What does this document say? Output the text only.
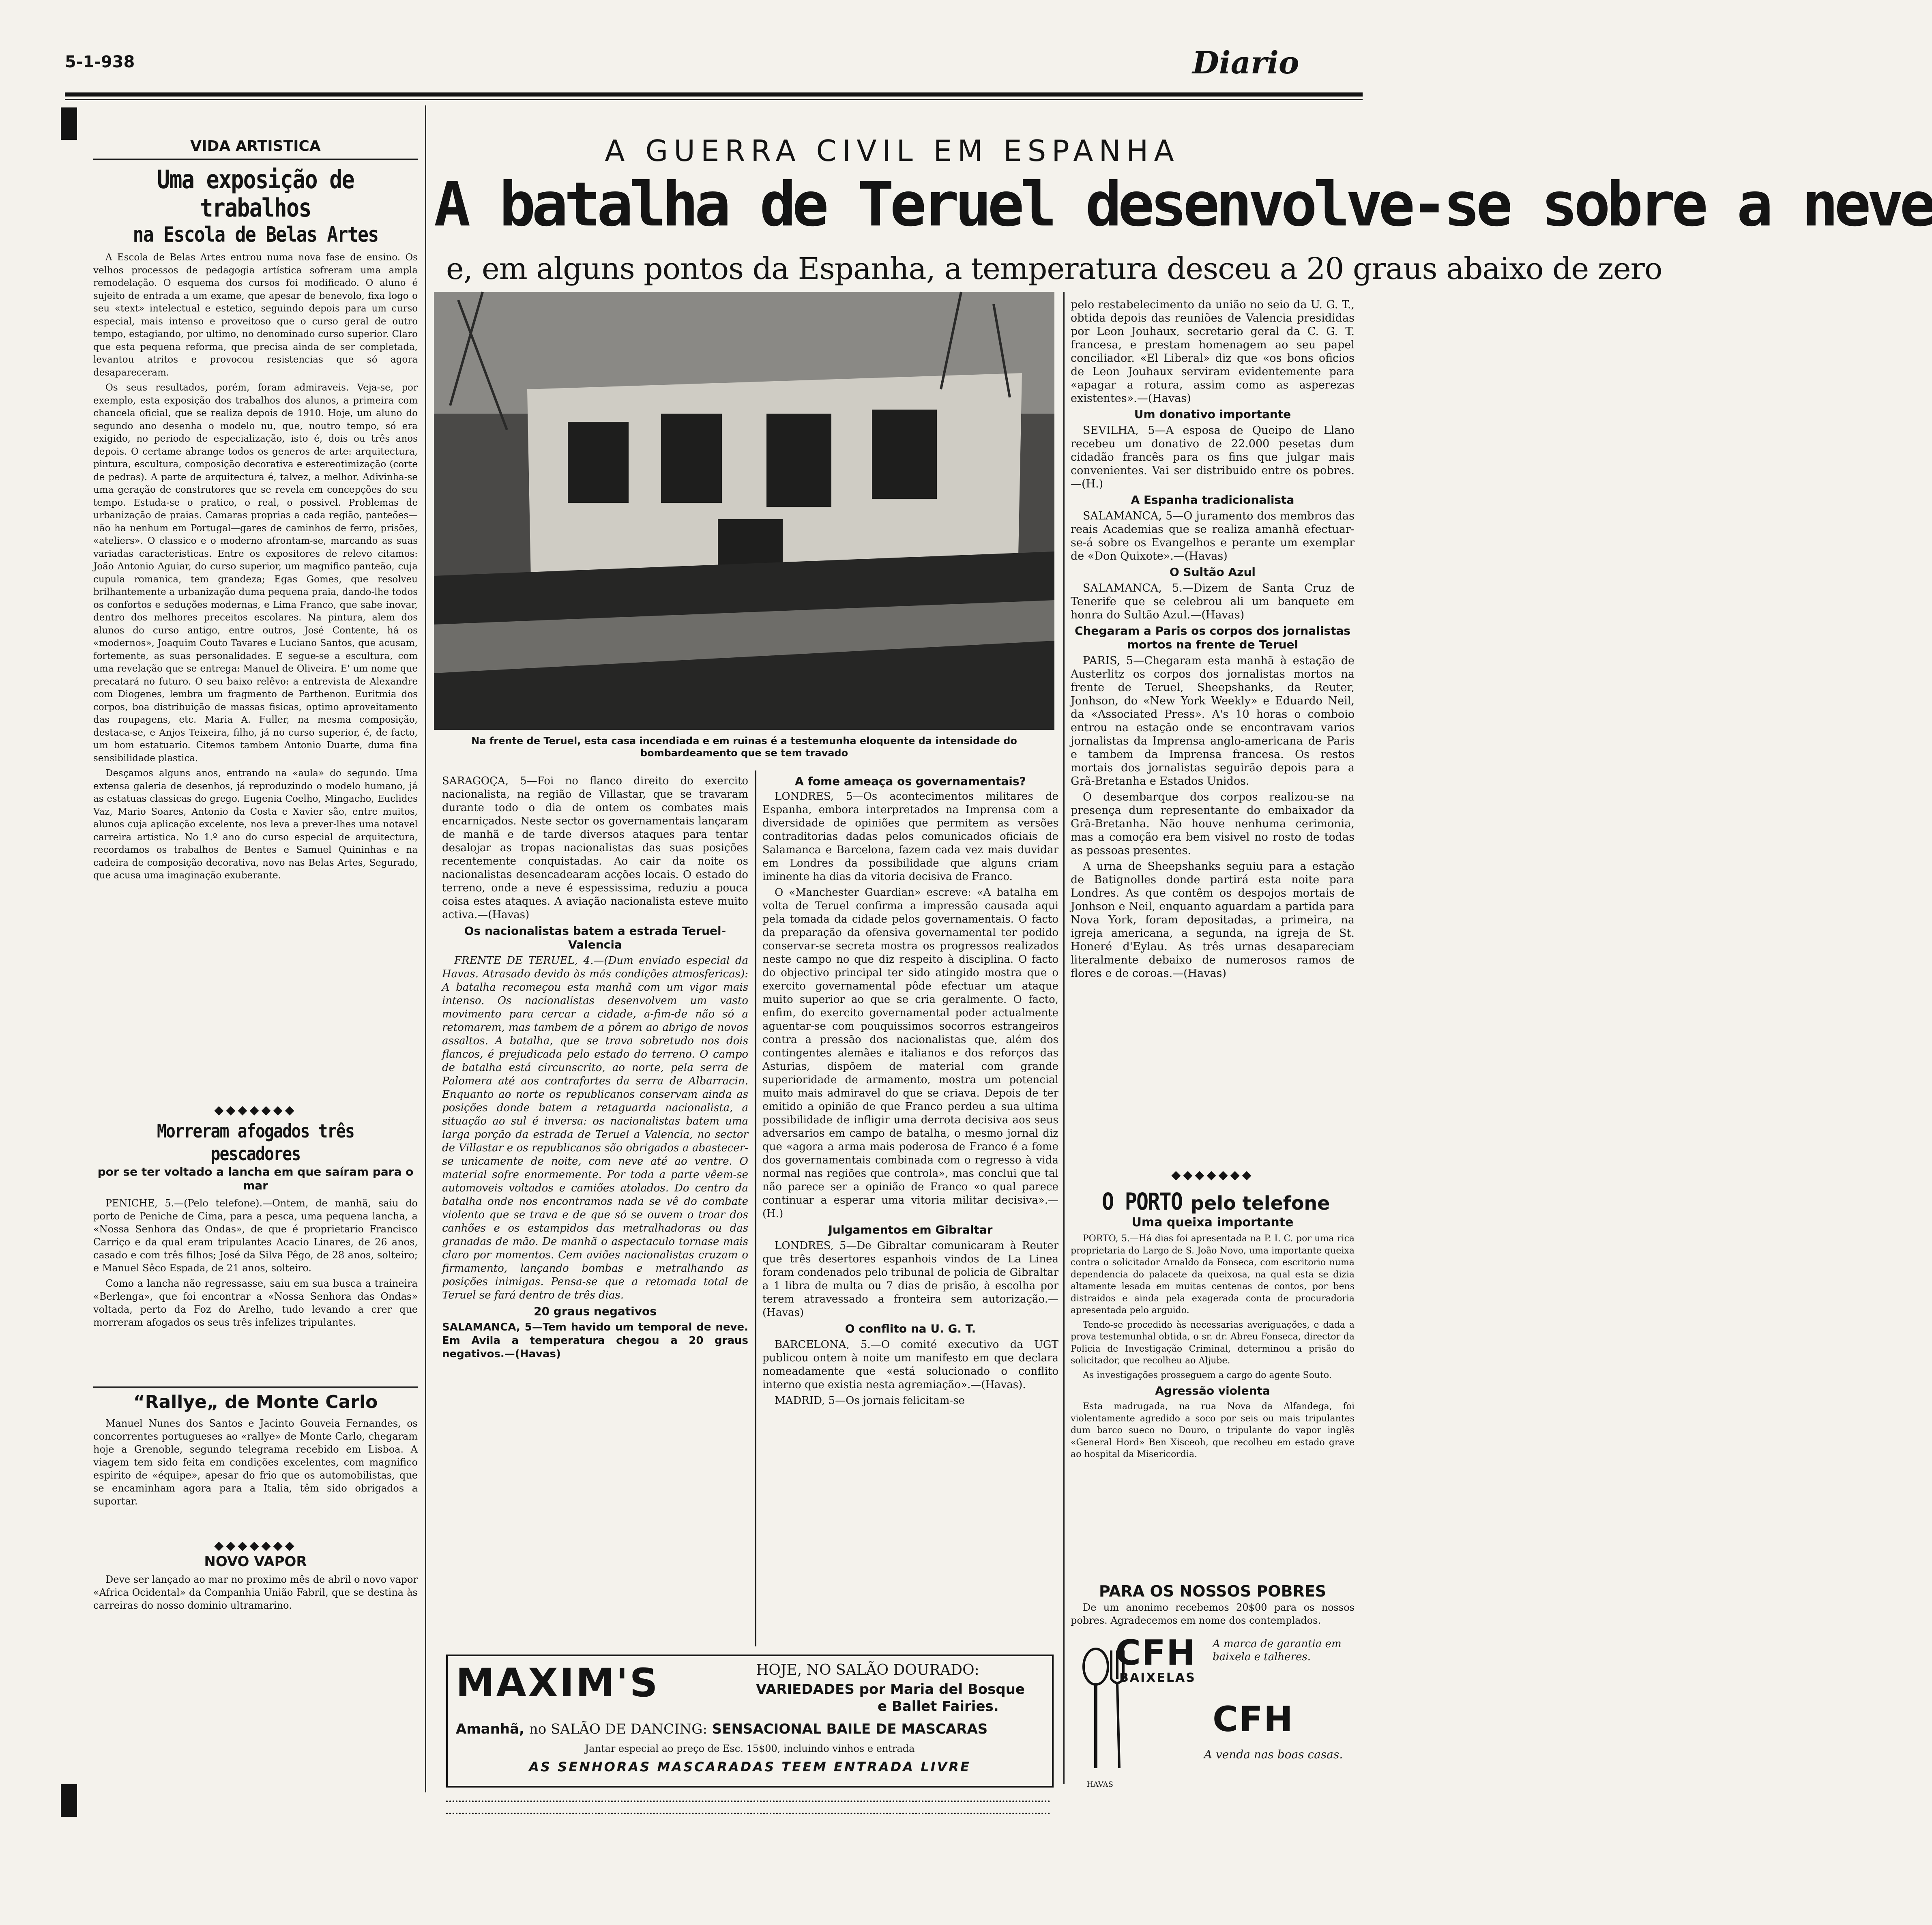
5-1-938	Diario
VIDA ARTISTICA
Uma exposição de trabalhos
na Escola de Belas Artes

A Escola de Belas Artes entrou numa nova fase de ensino. Os velhos processos de pedagogia artística sofreram uma ampla remodelação. O esquema dos cursos foi modificado. O aluno é sujeito de entrada a um exame, que apesar de benevolo, fixa logo o seu «text» intelectual e estetico, seguindo depois para um curso especial, mais intenso e proveitoso que o curso geral de outro tempo, estagiando, por ultimo, no denominado curso superior. Claro que esta pequena reforma, que precisa ainda de ser completada, levantou atritos e provocou resistencias que só agora desapareceram.

Os seus resultados, porém, foram admiraveis. Veja-se, por exemplo, esta exposição dos trabalhos dos alunos, a primeira com chancela oficial, que se realiza depois de 1910. Hoje, um aluno do segundo ano desenha o modelo nu, que, noutro tempo, só era exigido, no periodo de especialização, isto é, dois ou três anos depois. O certame abrange todos os generos de arte: arquitectura, pintura, escultura, composição decorativa e estereotimização (corte de pedras). A parte de arquitectura é, talvez, a melhor. Adivinha-se uma geração de construtores que se revela em concepções do seu tempo. Estuda-se o pratico, o real, o possivel. Problemas de urbanização de praias. Camaras proprias a cada região, panteões—não ha nenhum em Portugal—gares de caminhos de ferro, prisões, «ateliers». O classico e o moderno afrontam-se, marcando as suas variadas caracteristicas. Entre os expositores de relevo citamos: João Antonio Aguiar, do curso superior, um magnifico panteão, cuja cupula romanica, tem grandeza; Egas Gomes, que resolveu brilhantemente a urbanização duma pequena praia, dando-lhe todos os confortos e seduções modernas, e Lima Franco, que sabe inovar, dentro dos melhores preceitos escolares. Na pintura, alem dos alunos do curso antigo, entre outros, José Contente, há os «modernos», Joaquim Couto Tavares e Luciano Santos, que acusam, fortemente, as suas personalidades. E segue-se a escultura, com uma revelação que se entrega: Manuel de Oliveira. E' um nome que precatará no futuro. O seu baixo relêvo: a entrevista de Alexandre com Diogenes, lembra um fragmento de Parthenon. Euritmia dos corpos, boa distribuição de massas fisicas, optimo aproveitamento das roupagens, etc. Maria A. Fuller, na mesma composição, destaca-se, e Anjos Teixeira, filho, já no curso superior, é, de facto, um bom estatuario. Citemos tambem Antonio Duarte, duma fina sensibilidade plastica.

Desçamos alguns anos, entrando na «aula» do segundo. Uma extensa galeria de desenhos, já reproduzindo o modelo humano, já as estatuas classicas do grego. Eugenia Coelho, Mingacho, Euclides Vaz, Mario Soares, Antonio da Costa e Xavier são, entre muitos, alunos cuja aplicação excelente, nos leva a prever-lhes uma notavel carreira artistica. No 1.º ano do curso especial de arquitectura, recordamos os trabalhos de Bentes e Samuel Quininhas e na cadeira de composição decorativa, novo nas Belas Artes, Segurado, que acusa uma imaginação exuberante.

◆◆◆◆◆◆◆
Morreram afogados três pescadores
por se ter voltado a lancha em que saíram para o mar

PENICHE, 5.—(Pelo telefone).—Ontem, de manhã, saiu do porto de Peniche de Cima, para a pesca, uma pequena lancha, a «Nossa Senhora das Ondas», de que é proprietario Francisco Carriço e da qual eram tripulantes Acacio Linares, de 26 anos, casado e com três filhos; José da Silva Pêgo, de 28 anos, solteiro; e Manuel Sêco Espada, de 21 anos, solteiro.

Como a lancha não regressasse, saiu em sua busca a traineira «Berlenga», que foi encontrar a «Nossa Senhora das Ondas» voltada, perto da Foz do Arelho, tudo levando a crer que morreram afogados os seus três infelizes tripulantes.

“Rallye„ de Monte Carlo

Manuel Nunes dos Santos e Jacinto Gouveia Fernandes, os concorrentes portugueses ao «rallye» de Monte Carlo, chegaram hoje a Grenoble, segundo telegrama recebido em Lisboa. A viagem tem sido feita em condições excelentes, com magnifico espirito de «équipe», apesar do frio que os automobilistas, que se encaminham agora para a Italia, têm sido obrigados a suportar.

◆◆◆◆◆◆◆
NOVO VAPOR

Deve ser lançado ao mar no proximo mês de abril o novo vapor «Africa Ocidental» da Companhia União Fabril, que se destina às carreiras do nosso dominio ultramarino.

A GUERRA CIVIL EM ESPANHA
A batalha de Teruel desenvolve-se sobre a neve
e, em alguns pontos da Espanha, a temperatura desceu a 20 graus abaixo de zero
Na frente de Teruel, esta casa incendiada e em ruinas é a testemunha eloquente da intensidade do bombardeamento que se tem travado

SARAGOÇA, 5—Foi no flanco direito do exercito nacionalista, na região de Villastar, que se travaram durante todo o dia de ontem os combates mais encarniçados. Neste sector os governamentais lançaram de manhã e de tarde diversos ataques para tentar desalojar as tropas nacionalistas das suas posições recentemente conquistadas. Ao cair da noite os nacionalistas desencadearam acções locais. O estado do terreno, onde a neve é espessissima, reduziu a pouca coisa estes ataques. A aviação nacionalista esteve muito activa.—(Havas)

Os nacionalistas batem a estrada Teruel-Valencia

FRENTE DE TERUEL, 4.—(Dum enviado especial da Havas. Atrasado devido às más condições atmosfericas): A batalha recomeçou esta manhã com um vigor mais intenso. Os nacionalistas desenvolvem um vasto movimento para cercar a cidade, a-fim-de não só a retomarem, mas tambem de a pôrem ao abrigo de novos assaltos. A batalha, que se trava sobretudo nos dois flancos, é prejudicada pelo estado do terreno. O campo de batalha está circunscrito, ao norte, pela serra de Palomera até aos contrafortes da serra de Albarracin. Enquanto ao norte os republicanos conservam ainda as posições donde batem a retaguarda nacionalista, a situação ao sul é inversa: os nacionalistas batem uma larga porção da estrada de Teruel a Valencia, no sector de Villastar e os republicanos são obrigados a abastecer-se unicamente de noite, com neve até ao ventre. O material sofre enormemente. Por toda a parte vêem-se automoveis voltados e camiões atolados. Do centro da batalha onde nos encontramos nada se vê do combate violento que se trava e de que só se ouvem o troar dos canhões e os estampidos das metralhadoras ou das granadas de mão. De manhã o aspectaculo tornase mais claro por momentos. Cem aviões nacionalistas cruzam o firmamento, lançando bombas e metralhando as posições inimigas. Pensa-se que a retomada total de Teruel se fará dentro de três dias.

20 graus negativos

SALAMANCA, 5—Tem havido um temporal de neve. Em Avila a temperatura chegou a 20 graus negativos.—(Havas)

A fome ameaça os governamentais?

LONDRES, 5—Os acontecimentos militares de Espanha, embora interpretados na Imprensa com a diversidade de opiniões que permitem as versões contraditorias dadas pelos comunicados oficiais de Salamanca e Barcelona, fazem cada vez mais duvidar em Londres da possibilidade que alguns criam iminente ha dias da vitoria decisiva de Franco.

O «Manchester Guardian» escreve: «A batalha em volta de Teruel confirma a impressão causada aqui pela tomada da cidade pelos governamentais. O facto da preparação da ofensiva governamental ter podido conservar-se secreta mostra os progressos realizados neste campo no que diz respeito à disciplina. O facto do objectivo principal ter sido atingido mostra que o exercito governamental pôde efectuar um ataque muito superior ao que se cria geralmente. O facto, enfim, do exercito governamental poder actualmente aguentar-se com pouquissimos socorros estrangeiros contra a pressão dos nacionalistas que, além dos contingentes alemães e italianos e dos reforços das Asturias, dispõem de material com grande superioridade de armamento, mostra um potencial muito mais admiravel do que se criava. Depois de ter emitido a opinião de que Franco perdeu a sua ultima possibilidade de infligir uma derrota decisiva aos seus adversarios em campo de batalha, o mesmo jornal diz que «agora a arma mais poderosa de Franco é a fome dos governamentais combinada com o regresso à vida normal nas regiões que controla», mas conclui que tal não parece ser a opinião de Franco «o qual parece continuar a esperar uma vitoria militar decisiva».—(H.)

Julgamentos em Gibraltar

LONDRES, 5—De Gibraltar comunicaram à Reuter que três desertores espanhois vindos de La Linea foram condenados pelo tribunal de policia de Gibraltar a 1 libra de multa ou 7 dias de prisão, à escolha por terem atravessado a fronteira sem autorização.—(Havas)

O conflito na U. G. T.

BARCELONA, 5.—O comité executivo da UGT publicou ontem à noite um manifesto em que declara nomeadamente que «está solucionado o conflito interno que existia nesta agremiação».—(Havas).

MADRID, 5—Os jornais felicitam-se

pelo restabelecimento da união no seio da U. G. T., obtida depois das reuniões de Valencia presididas por Leon Jouhaux, secretario geral da C. G. T. francesa, e prestam homenagem ao seu papel conciliador. «El Liberal» diz que «os bons oficios de Leon Jouhaux serviram evidentemente para «apagar a rotura, assim como as asperezas existentes».—(Havas)

Um donativo importante

SEVILHA, 5—A esposa de Queipo de Llano recebeu um donativo de 22.000 pesetas dum cidadão francês para os fins que julgar mais convenientes. Vai ser distribuido entre os pobres.—(H.)

A Espanha tradicionalista

SALAMANCA, 5—O juramento dos membros das reais Academias que se realiza amanhã efectuar-se-á sobre os Evangelhos e perante um exemplar de «Don Quixote».—(Havas)

O Sultão Azul

SALAMANCA, 5.—Dizem de Santa Cruz de Tenerife que se celebrou ali um banquete em honra do Sultão Azul.—(Havas)

Chegaram a Paris os corpos dos jornalistas mortos na frente de Teruel

PARIS, 5—Chegaram esta manhã à estação de Austerlitz os corpos dos jornalistas mortos na frente de Teruel, Sheepshanks, da Reuter, Jonhson, do «New York Weekly» e Eduardo Neil, da «Associated Press». A's 10 horas o comboio entrou na estação onde se encontravam varios jornalistas da Imprensa anglo-americana de Paris e tambem da Imprensa francesa. Os restos mortais dos jornalistas seguirão depois para a Grã-Bretanha e Estados Unidos.

O desembarque dos corpos realizou-se na presença dum representante do embaixador da Grã-Bretanha. Não houve nenhuma cerimonia, mas a comoção era bem visivel no rosto de todas as pessoas presentes.

A urna de Sheepshanks seguiu para a estação de Batignolles donde partirá esta noite para Londres. As que contêm os despojos mortais de Jonhson e Neil, enquanto aguardam a partida para Nova York, foram depositadas, a primeira, na igreja americana, a segunda, na igreja de St. Honeré d'Eylau. As três urnas desapareciam literalmente debaixo de numerosos ramos de flores e de coroas.—(Havas)

◆◆◆◆◆◆◆
O PORTO pelo telefone
Uma queixa importante

PORTO, 5.—Há dias foi apresentada na P. I. C. por uma rica proprietaria do Largo de S. João Novo, uma importante queixa contra o solicitador Arnaldo da Fonseca, com escritorio numa dependencia do palacete da queixosa, na qual esta se dizia altamente lesada em muitas centenas de contos, por bens distraidos e ainda pela exagerada conta de procuradoria apresentada pelo arguido.

Tendo-se procedido às necessarias averiguações, e dada a prova testemunhal obtida, o sr. dr. Abreu Fonseca, director da Policia de Investigação Criminal, determinou a prisão do solicitador, que recolheu ao Aljube.

As investigações prosseguem a cargo do agente Souto.

Agressão violenta

Esta madrugada, na rua Nova da Alfandega, foi violentamente agredido a soco por seis ou mais tripulantes dum barco sueco no Douro, o tripulante do vapor inglês «General Hord» Ben Xisceoh, que recolheu em estado grave ao hospital da Misericordia.

PARA OS NOSSOS POBRES

De um anonimo recebemos 20$00 para os nossos pobres. Agradecemos em nome dos contemplados.

MAXIM'S	HOJE, NO SALÃO DOURADO:
VARIEDADES por Maria del Bosque
e Ballet Fairies.
Amanhã, no SALÃO DE DANCING: SENSACIONAL BAILE DE MASCARAS
Jantar especial ao preço de Esc. 15$00, incluindo vinhos e entrada
AS SENHORAS MASCARADAS TEEM ENTRADA LIVRE
CFH
BAIXELAS
A marca de garantia em baixela e talheres.
CFH
A venda nas boas casas.
HAVAS
